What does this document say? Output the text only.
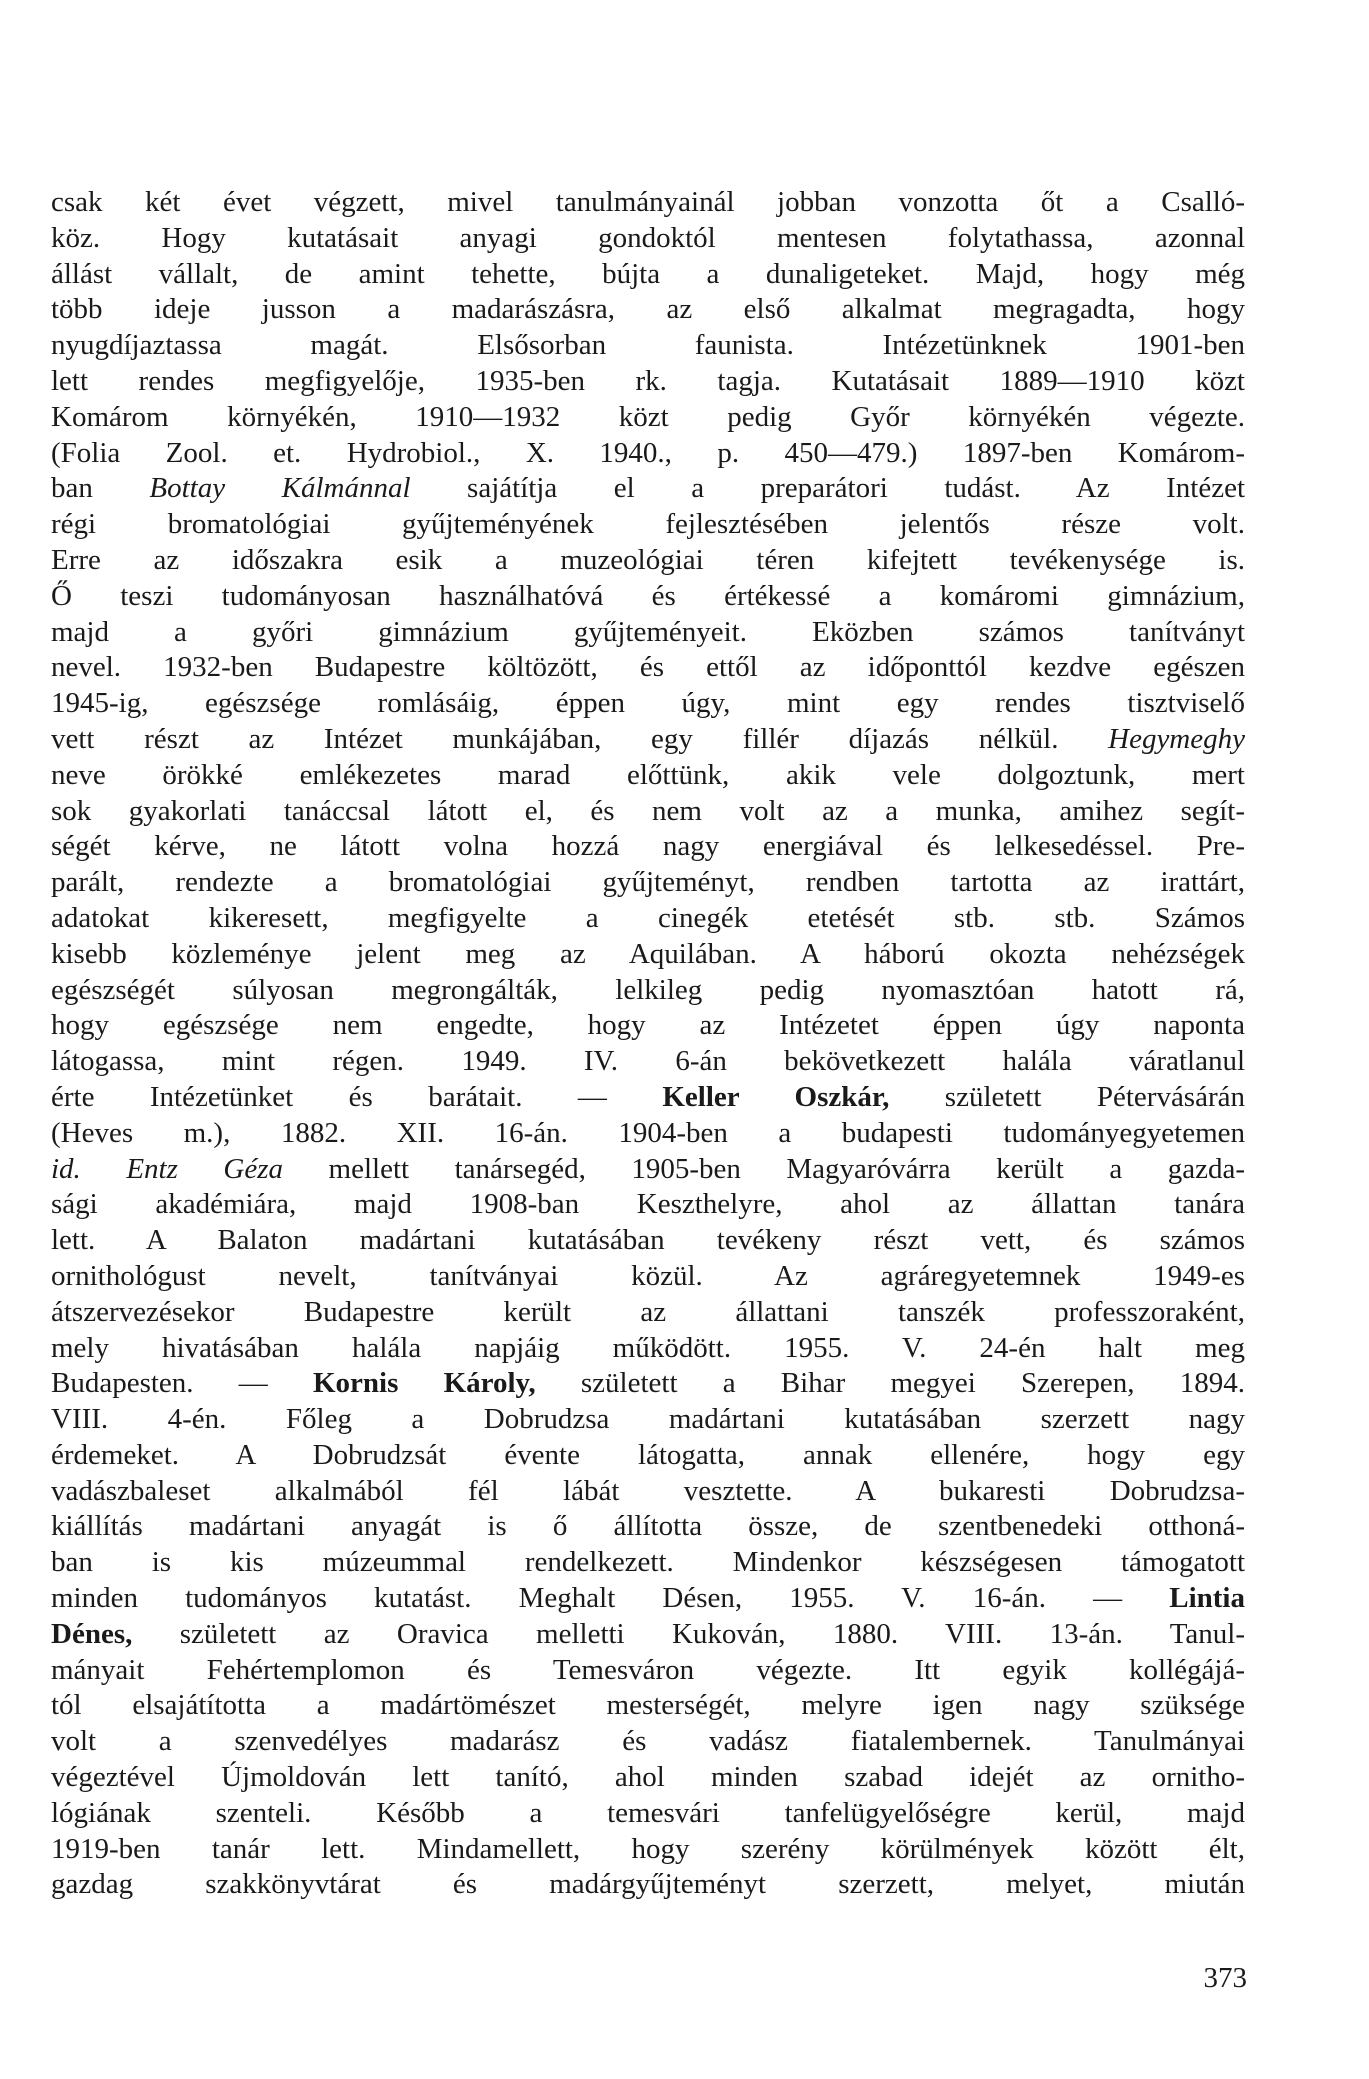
csak két évet végzett, mivel tanulmányainál jobban vonzotta őt a Csalló-
köz. Hogy kutatásait anyagi gondoktól mentesen folytathassa, azonnal
állást vállalt, de amint tehette, bújta a dunaligeteket. Majd, hogy még
több ideje jusson a madarászásra, az első alkalmat megragadta, hogy
nyugdíjaztassa magát. Elsősorban faunista. Intézetünknek 1901-ben
lett rendes megfigyelője, 1935-ben rk. tagja. Kutatásait 1889—1910 közt
Komárom környékén, 1910—1932 közt pedig Győr környékén végezte.
(Folia Zool. et. Hydrobiol., X. 1940., p. 450—479.) 1897-ben Komárom-
ban Bottay Kálmánnal sajátítja el a preparátori tudást. Az Intézet
régi bromatológiai gyűjteményének fejlesztésében jelentős része volt.
Erre az időszakra esik a muzeológiai téren kifejtett tevékenysége is.
Ő teszi tudományosan használhatóvá és értékessé a komáromi gimnázium,
majd a győri gimnázium gyűjteményeit. Eközben számos tanítványt
nevel. 1932-ben Budapestre költözött, és ettől az időponttól kezdve egészen
1945-ig, egészsége romlásáig, éppen úgy, mint egy rendes tisztviselő
vett részt az Intézet munkájában, egy fillér díjazás nélkül. Hegymeghy
neve örökké emlékezetes marad előttünk, akik vele dolgoztunk, mert
sok gyakorlati tanáccsal látott el, és nem volt az a munka, amihez segít-
ségét kérve, ne látott volna hozzá nagy energiával és lelkesedéssel. Pre-
parált, rendezte a bromatológiai gyűjteményt, rendben tartotta az irattárt,
adatokat kikeresett, megfigyelte a cinegék etetését stb. stb. Számos
kisebb közleménye jelent meg az Aquilában. A háború okozta nehézségek
egészségét súlyosan megrongálták, lelkileg pedig nyomasztóan hatott rá,
hogy egészsége nem engedte, hogy az Intézetet éppen úgy naponta
látogassa, mint régen. 1949. IV. 6-án bekövetkezett halála váratlanul
érte Intézetünket és barátait. — Keller Oszkár, született Pétervásárán
(Heves m.), 1882. XII. 16-án. 1904-ben a budapesti tudományegyetemen
id. Entz Géza mellett tanársegéd, 1905-ben Magyaróvárra került a gazda-
sági akadémiára, majd 1908-ban Keszthelyre, ahol az állattan tanára
lett. A Balaton madártani kutatásában tevékeny részt vett, és számos
ornithológust nevelt, tanítványai közül. Az agráregyetemnek 1949-es
átszervezésekor Budapestre került az állattani tanszék professzoraként,
mely hivatásában halála napjáig működött. 1955. V. 24-én halt meg
Budapesten. — Kornis Károly, született a Bihar megyei Szerepen, 1894.
VIII. 4-én. Főleg a Dobrudzsa madártani kutatásában szerzett nagy
érdemeket. A Dobrudzsát évente látogatta, annak ellenére, hogy egy
vadászbaleset alkalmából fél lábát vesztette. A bukaresti Dobrudzsa-
kiállítás madártani anyagát is ő állította össze, de szentbenedeki otthoná-
ban is kis múzeummal rendelkezett. Mindenkor készségesen támogatott
minden tudományos kutatást. Meghalt Désen, 1955. V. 16-án. — Lintia
Dénes, született az Oravica melletti Kukován, 1880. VIII. 13-án. Tanul-
mányait Fehértemplomon és Temesváron végezte. Itt egyik kollégájá-
tól elsajátította a madártömészet mesterségét, melyre igen nagy szüksége
volt a szenvedélyes madarász és vadász fiatalembernek. Tanulmányai
végeztével Újmoldován lett tanító, ahol minden szabad idejét az ornitho-
lógiának szenteli. Később a temesvári tanfelügyelőségre kerül, majd
1919-ben tanár lett. Mindamellett, hogy szerény körülmények között élt,
gazdag szakkönyvtárat és madárgyűjteményt szerzett, melyet, miután
373
